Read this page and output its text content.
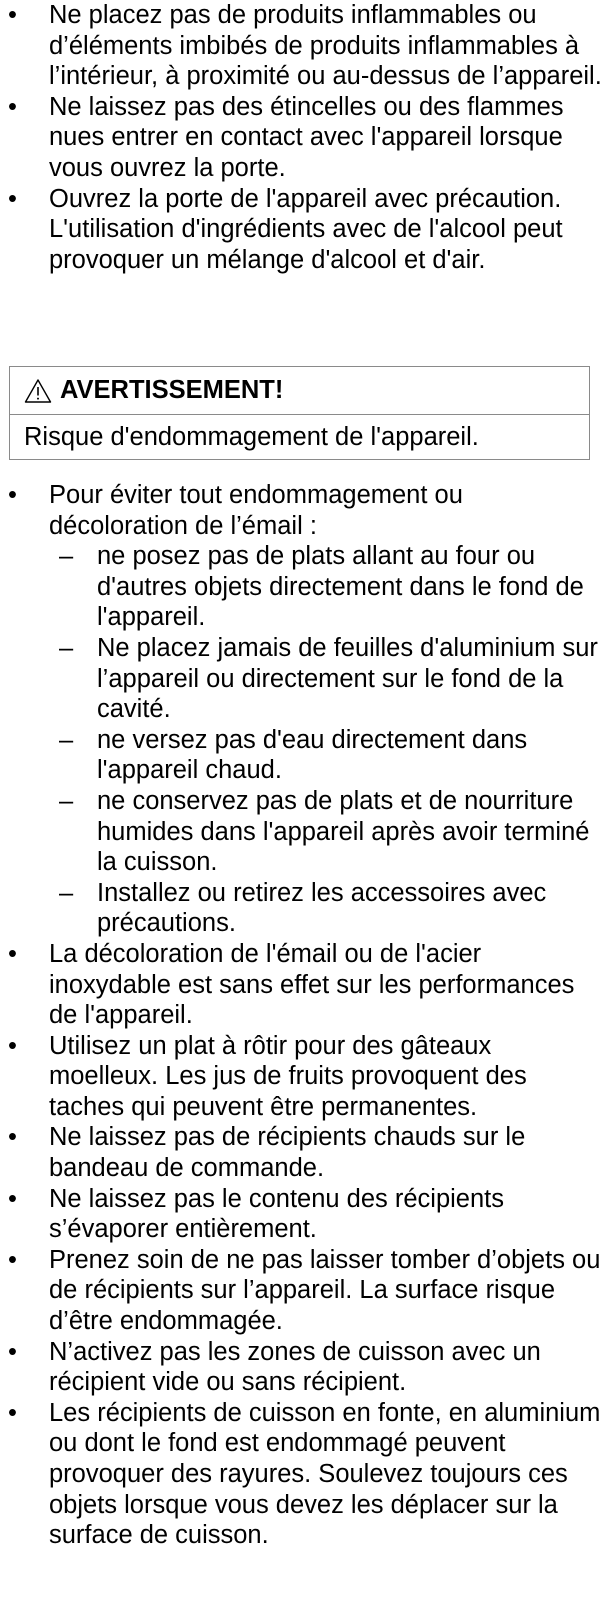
• Ne placez pas de produits inflammables ou d’éléments imbibés de produits inflammables à l’intérieur, à proximité ou au-dessus de l’appareil.
• Ne laissez pas des étincelles ou des flammes nues entrer en contact avec l'appareil lorsque vous ouvrez la porte.
• Ouvrez la porte de l'appareil avec précaution. L'utilisation d'ingrédients avec de l'alcool peut provoquer un mélange d'alcool et d'air.
AVERTISSEMENT!
Risque d'endommagement de l'appareil.
• Pour éviter tout endommagement ou décoloration de l’émail :
– ne posez pas de plats allant au four ou d'autres objets directement dans le fond de l'appareil.
– Ne placez jamais de feuilles d'aluminium sur l’appareil ou directement sur le fond de la cavité.
– ne versez pas d'eau directement dans l'appareil chaud.
– ne conservez pas de plats et de nourriture humides dans l'appareil après avoir terminé la cuisson.
– Installez ou retirez les accessoires avec précautions.
• La décoloration de l'émail ou de l'acier inoxydable est sans effet sur les performances de l'appareil.
• Utilisez un plat à rôtir pour des gâteaux moelleux. Les jus de fruits provoquent des taches qui peuvent être permanentes.
• Ne laissez pas de récipients chauds sur le bandeau de commande.
• Ne laissez pas le contenu des récipients s’évaporer entièrement.
• Prenez soin de ne pas laisser tomber d’objets ou de récipients sur l’appareil. La surface risque d’être endommagée.
• N’activez pas les zones de cuisson avec un récipient vide ou sans récipient.
• Les récipients de cuisson en fonte, en aluminium ou dont le fond est endommagé peuvent provoquer des rayures. Soulevez toujours ces objets lorsque vous devez les déplacer sur la surface de cuisson.
